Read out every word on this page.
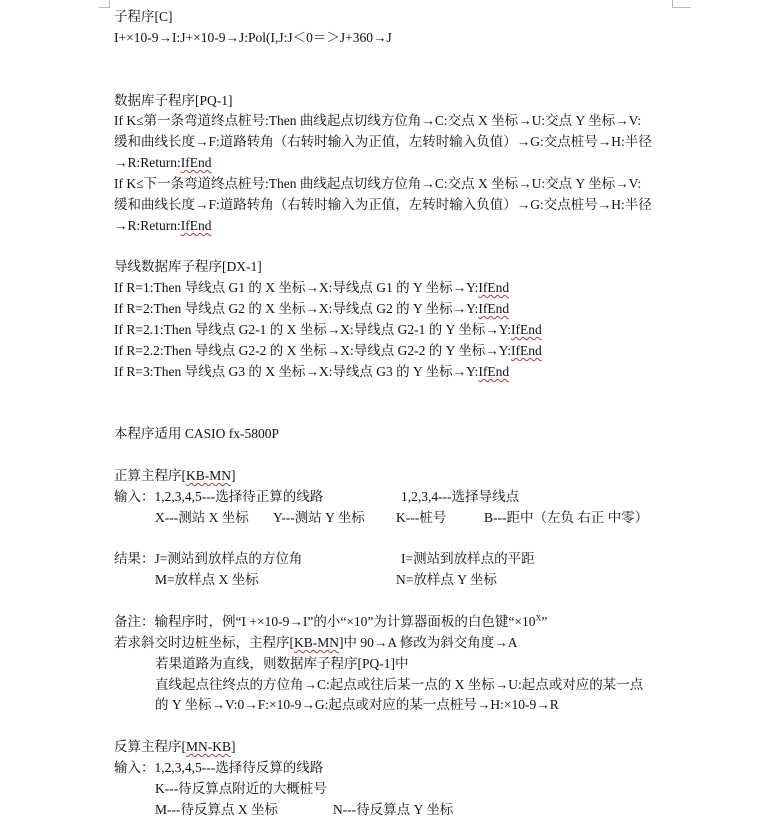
子程序[C]
I+×10-9→I:J+×10-9→J:Pol(I,J:J＜0＝＞J+360→J
数据库子程序[PQ-1]
If K≤第一条弯道终点桩号:Then 曲线起点切线方位角→C:交点 X 坐标→U:交点 Y 坐标→V:
缓和曲线长度→F:道路转角（右转时输入为正值，左转时输入负值）→G:交点桩号→H:半径
→R:Return:IfEnd
If K≤下一条弯道终点桩号:Then 曲线起点切线方位角→C:交点 X 坐标→U:交点 Y 坐标→V:
缓和曲线长度→F:道路转角（右转时输入为正值，左转时输入负值）→G:交点桩号→H:半径
→R:Return:IfEnd
导线数据库子程序[DX-1]
If R=1:Then 导线点 G1 的 X 坐标→X:导线点 G1 的 Y 坐标→Y:IfEnd
If R=2:Then 导线点 G2 的 X 坐标→X:导线点 G2 的 Y 坐标→Y:IfEnd
If R=2.1:Then 导线点 G2-1 的 X 坐标→X:导线点 G2-1 的 Y 坐标→Y:IfEnd
If R=2.2:Then 导线点 G2-2 的 X 坐标→X:导线点 G2-2 的 Y 坐标→Y:IfEnd
If R=3:Then 导线点 G3 的 X 坐标→X:导线点 G3 的 Y 坐标→Y:IfEnd
本程序适用 CASIO fx-5800P
正算主程序[KB-MN]
输入：1,2,3,4,5---选择待正算的线路	1,2,3,4---选择导线点
X---测站 X 坐标 Y---测站 Y 坐标 K---桩号	B---距中（左负 右正 中零）
结果：J=测站到放样点的方位角	I=测站到放样点的平距
M=放样点 X 坐标	N=放样点 Y 坐标
备注：输程序时，例“I +×10-9→I”的小“×10”为计算器面板的白色键“$\times 10^X$”
若求斜交时边桩坐标，主程序[KB-MN]中 90→A 修改为斜交角度→A
若果道路为直线，则数据库子程序[PQ-1]中
直线起点往终点的方位角→C:起点或往后某一点的 X 坐标→U:起点或对应的某一点
的 Y 坐标→V:0→F:×10-9→G:起点或对应的某一点桩号→H:×10-9→R
反算主程序[MN-KB]
输入：1,2,3,4,5---选择待反算的线路
K---待反算点附近的大概桩号
M---待反算点 X 坐标	N---待反算点 Y 坐标
